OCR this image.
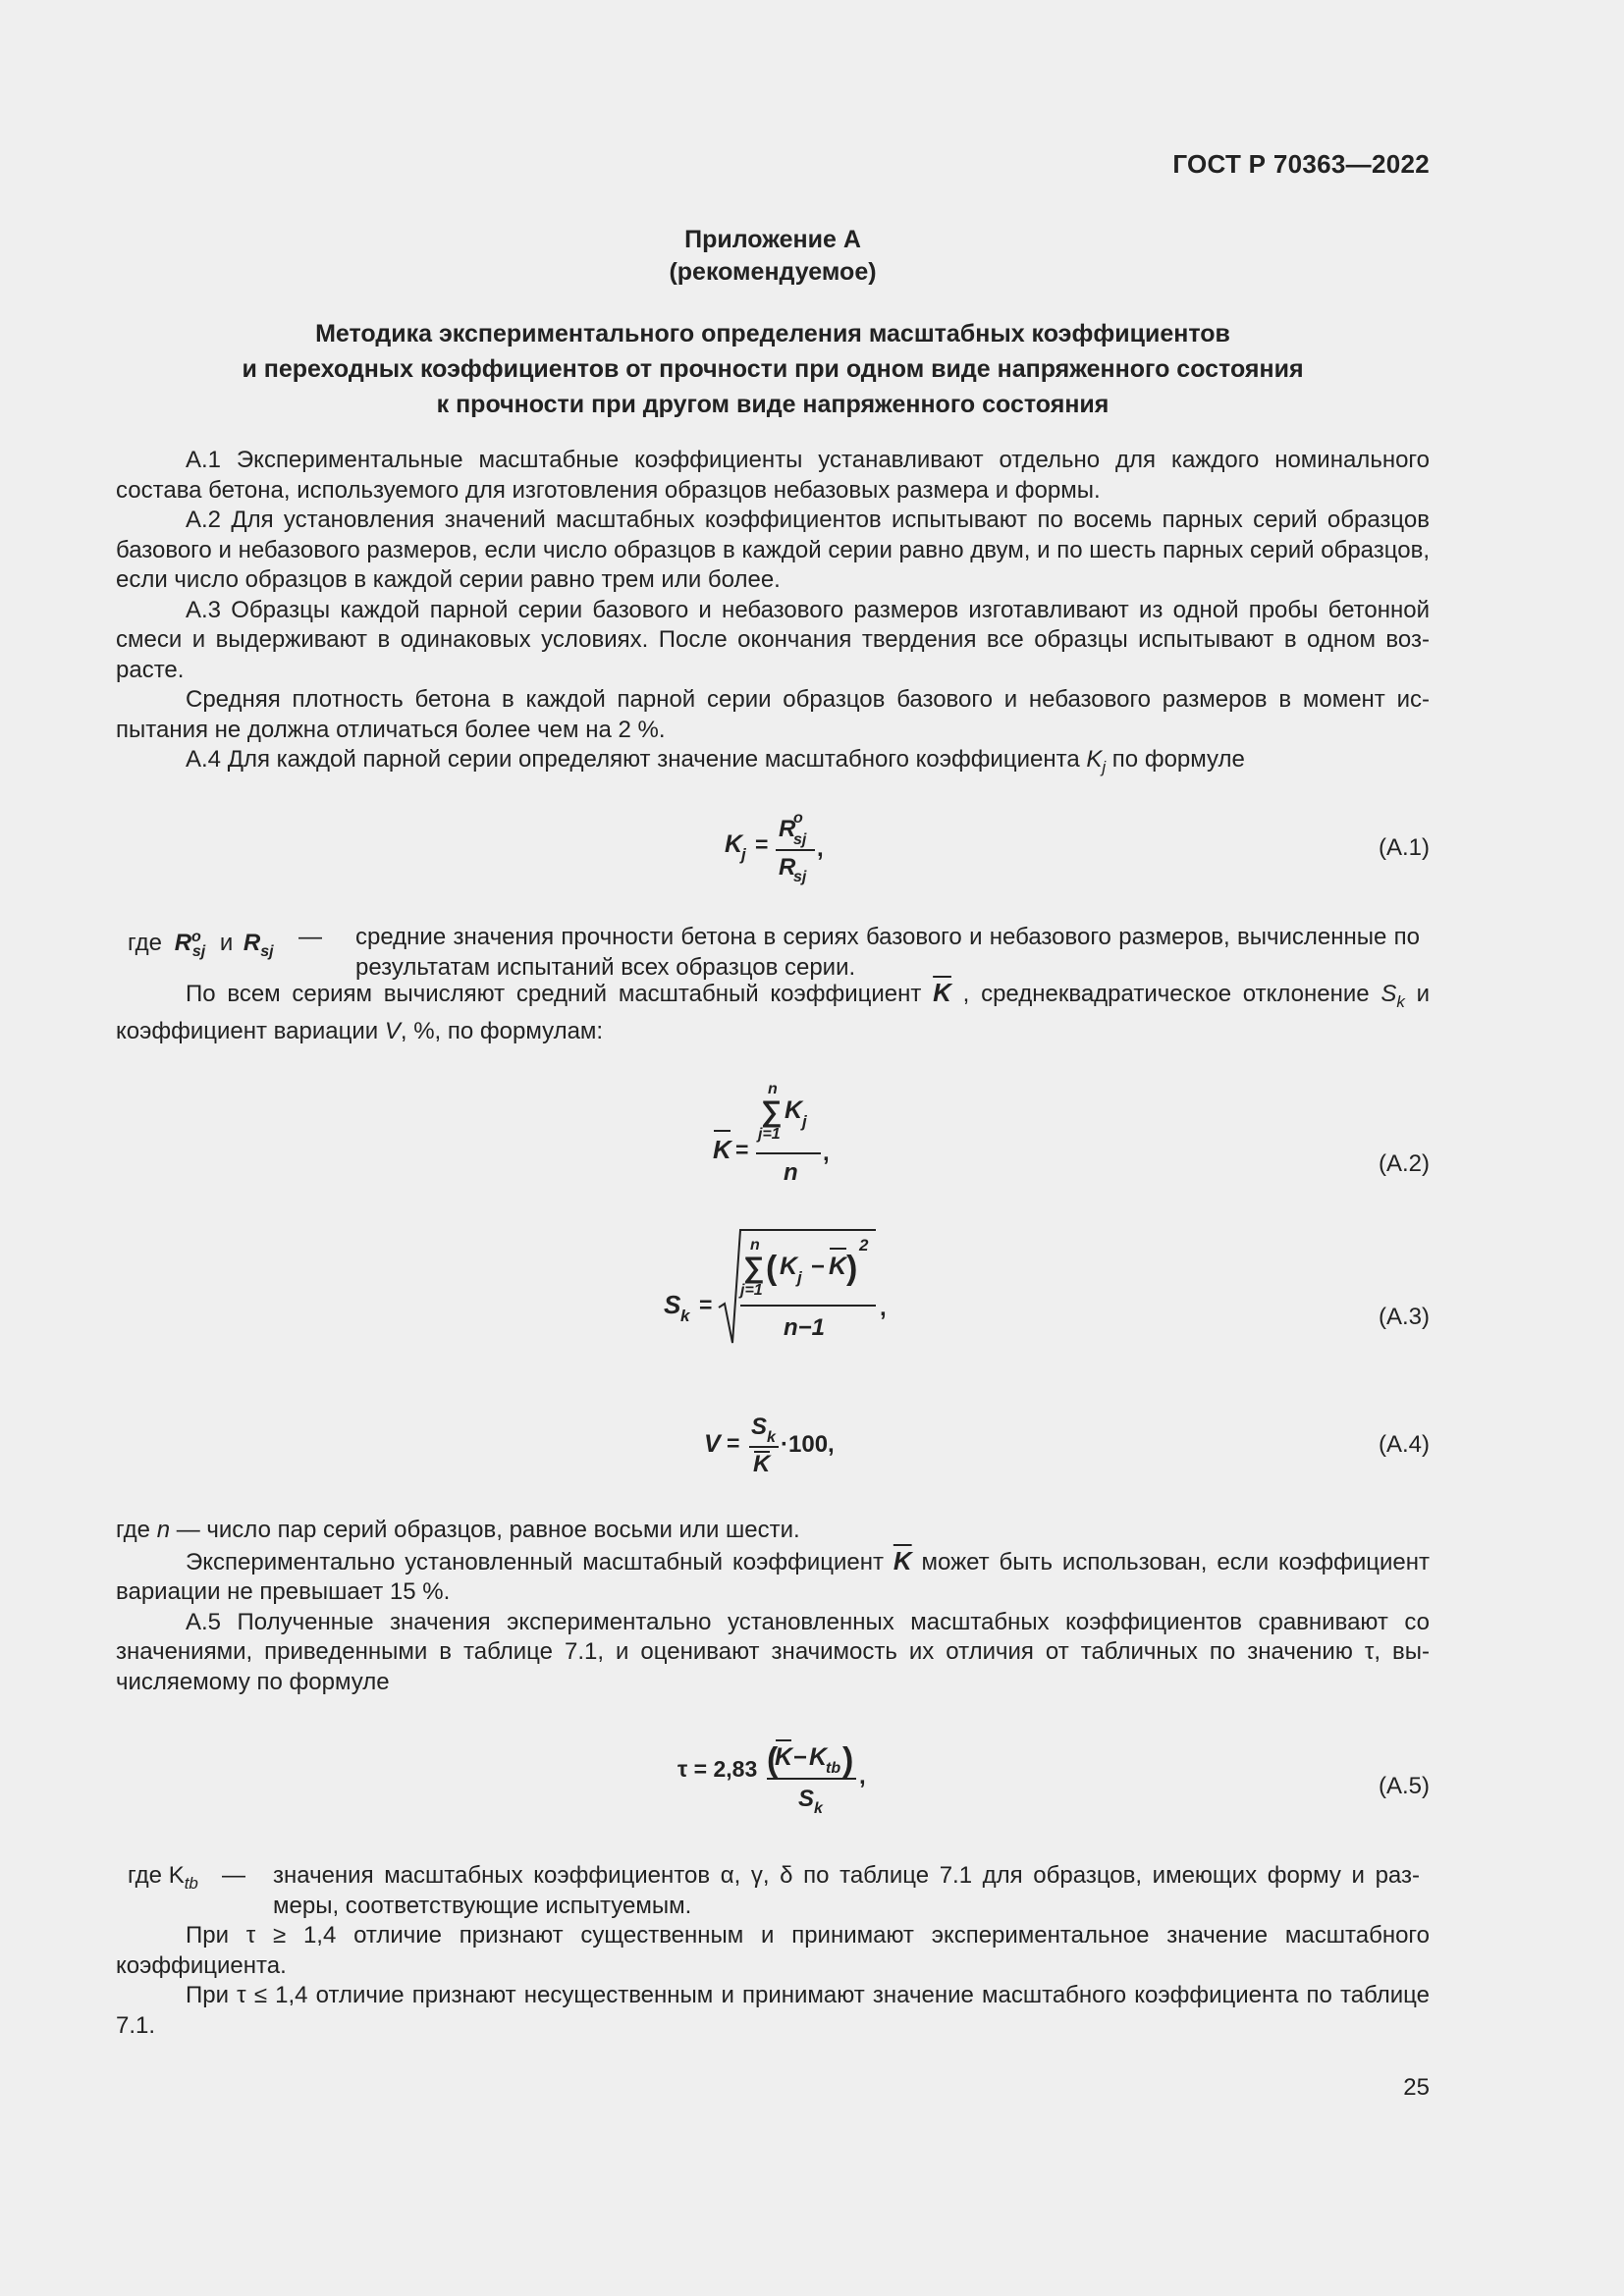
ГОСТ Р 70363—2022
Приложение А
(рекомендуемое)
Методика экспериментального определения масштабных коэффициентов
и переходных коэффициентов от прочности при одном виде напряженного состояния
к прочности при другом виде напряженного состояния

А.1 Экспериментальные масштабные коэффициенты устанавливают отдельно для каждого номинального состава бетона, используемого для изготовления образцов небазовых размера и формы.

А.2 Для установления значений масштабных коэффициентов испытывают по восемь парных серий образцов базового и небазового размеров, если число образцов в каждой серии равно двум, и по шесть парных серий образцов, если число образцов в каждой серии равно трем или более.

А.3 Образцы каждой парной серии базового и небазового размеров изготавливают из одной пробы бетонной смеси и выдерживают в одинаковых условиях. После окончания твердения все образцы испытывают в одном возрасте.

Средняя плотность бетона в каждой парной серии образцов базового и небазового размеров в момент испытания не должна отличаться более чем на 2 %.

А.4 Для каждой парной серии определяют значение масштабного коэффициента $K_j$ по формуле

K
j =
R
o
sj
R
sj
,	(А.1)
где $R^o_{sj}$ и $R_{sj}$
— средние значения прочности бетона в сериях базового и небазового размеров, вычисленные по результатам испытаний всех образцов серии.

По всем сериям вычисляют средний масштабный коэффициент $\overline{K}$ , среднеквадратическое отклонение $S_k$ и коэффициент вариации V, %, по формулам:

K =
n
∑
j=1
K j
n
,	(А.2)
S k =
n
∑
j=1
( K j − K )
2
n−1
,	(А.3)
V =
S k
K
·100,	(А.4)

где n — число пар серий образцов, равное восьми или шести.

Экспериментально установленный масштабный коэффициент $\overline{K}$ может быть использован, если коэффициент вариации не превышает 15 %.

А.5 Полученные значения экспериментально установленных масштабных коэффициентов сравнивают со значениями, приведенными в таблице 7.1, и оценивают значимость их отличия от табличных по значению τ, вычисляемому по формуле

τ = 2,83 (
K − K
tb )
S k
,	(А.5)
где $K_{tb}$ — значения масштабных коэффициентов α, γ, δ по таблице 7.1 для образцов, имеющих форму и размеры, соответствующие испытуемым.

При τ ≥ 1,4 отличие признают существенным и принимают экспериментальное значение масштабного коэффициента.

При τ ≤ 1,4 отличие признают несущественным и принимают значение масштабного коэффициента по таблице 7.1.

25
